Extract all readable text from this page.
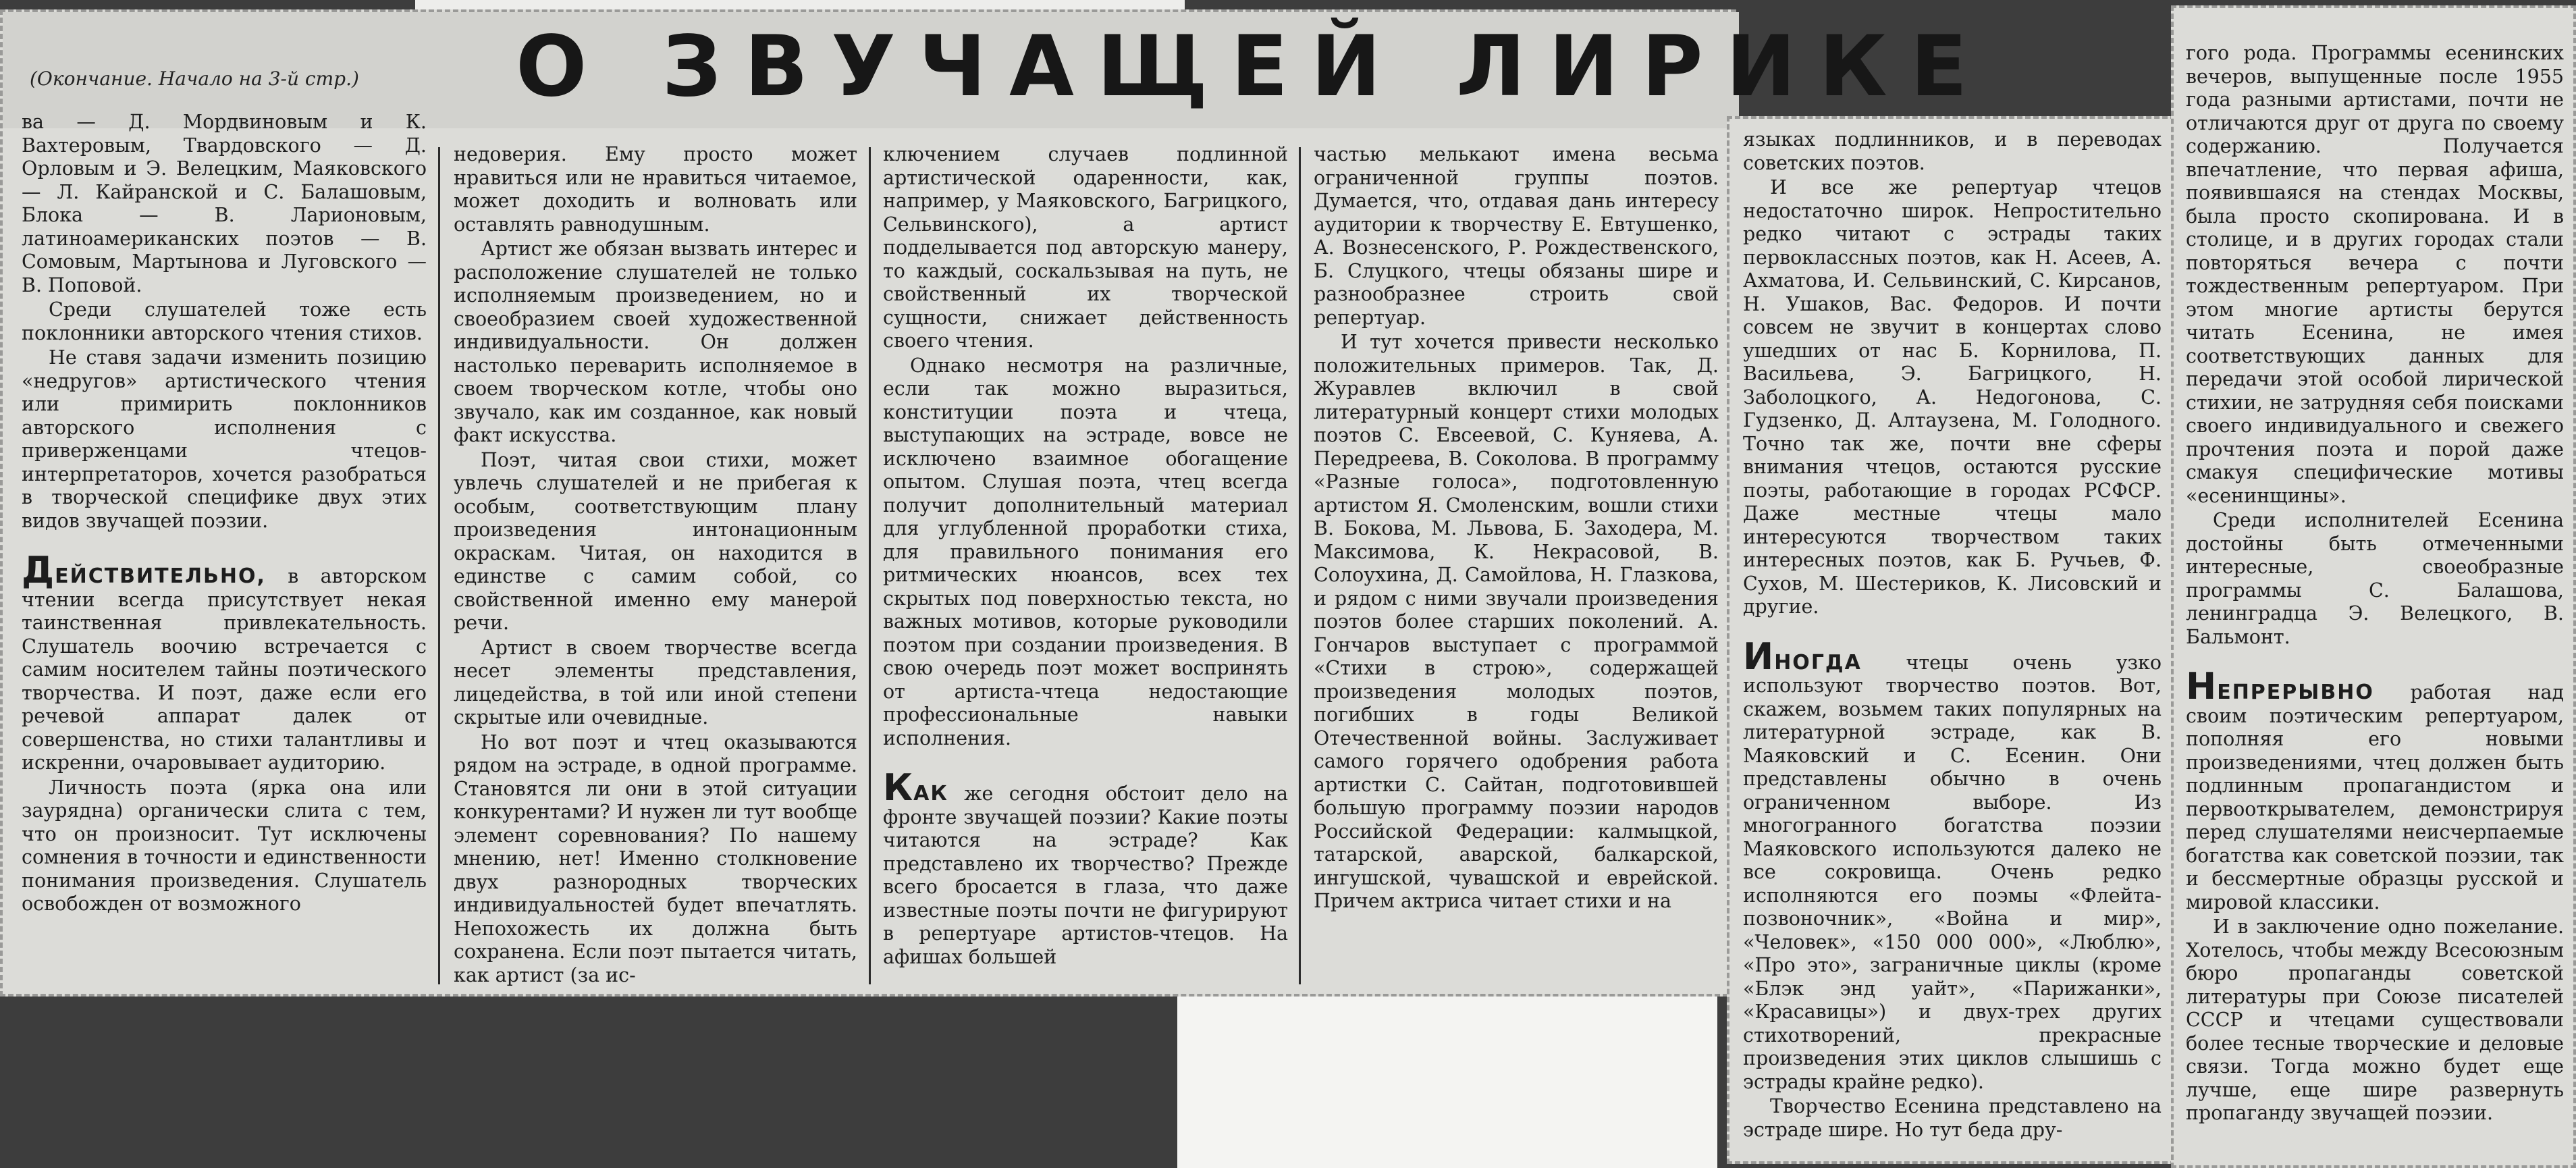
(Окончание. Начало на 3-й стр.) О ЗВУЧАЩЕЙ ЛИРИКЕ

ва — Д. Мордвиновым и К. Вахтеровым, Твардовского — Д. Орловым и Э. Велецким, Маяковского — Л. Кайранской и С. Балашовым, Блока — В. Ларионовым, латиноамериканских поэтов — В. Сомовым, Мартынова и Луговского — В. Поповой.

Среди слушателей тоже есть поклонники авторского чтения стихов.

Не ставя задачи изменить позицию «недругов» артистического чтения или примирить поклонников авторского исполнения с приверженцами чтецов-интерпретаторов, хочется разобраться в творческой специфике двух этих видов звучащей поэзии.

ДЕЙСТВИТЕЛЬНО, в авторском чтении всегда присутствует некая таинственная привлекательность. Слушатель воочию встречается с самим носителем тайны поэтического творчества. И поэт, даже если его речевой аппарат далек от совершенства, но стихи талантливы и искренни, очаровывает аудиторию.

Личность поэта (ярка она или заурядна) органически слита с тем, что он произносит. Тут исключены сомнения в точности и единственности понимания произведения. Слушатель освобожден от возможного

недоверия. Ему просто может нравиться или не нравиться читаемое, может доходить и волновать или оставлять равнодушным.

Артист же обязан вызвать интерес и расположение слушателей не только исполняемым произведением, но и своеобразием своей художественной индивидуальности. Он должен настолько переварить исполняемое в своем творческом котле, чтобы оно звучало, как им созданное, как новый факт искусства.

Поэт, читая свои стихи, может увлечь слушателей и не прибегая к особым, соответствующим плану произведения интонационным окраскам. Читая, он находится в единстве с самим собой, со свойственной именно ему манерой речи.

Артист в своем творчестве всегда несет элементы представления, лицедейства, в той или иной степени скрытые или очевидные.

Но вот поэт и чтец оказываются рядом на эстраде, в одной программе. Становятся ли они в этой ситуации конкурентами? И нужен ли тут вообще элемент соревнования? По нашему мнению, нет! Именно столкновение двух разнородных творческих индивидуальностей будет впечатлять. Непохожесть их должна быть сохранена. Если поэт пытается читать, как артист (за ис-

ключением случаев подлинной артистической одаренности, как, например, у Маяковского, Багрицкого, Сельвинского), а артист подделывается под авторскую манеру, то каждый, соскальзывая на путь, не свойственный их творческой сущности, снижает действенность своего чтения.

Однако несмотря на различные, если так можно выразиться, конституции поэта и чтеца, выступающих на эстраде, вовсе не исключено взаимное обогащение опытом. Слушая поэта, чтец всегда получит дополнительный материал для углубленной проработки стиха, для правильного понимания его ритмических нюансов, всех тех скрытых под поверхностью текста, но важных мотивов, которые руководили поэтом при создании произведения. В свою очередь поэт может воспринять от артиста-чтеца недостающие профессиональные навыки исполнения.

КАК же сегодня обстоит дело на фронте звучащей поэзии? Какие поэты читаются на эстраде? Как представлено их творчество? Прежде всего бросается в глаза, что даже известные поэты почти не фигурируют в репертуаре артистов-чтецов. На афишах большей

частью мелькают имена весьма ограниченной группы поэтов. Думается, что, отдавая дань интересу аудитории к творчеству Е. Евтушенко, А. Вознесенского, Р. Рождественского, Б. Слуцкого, чтецы обязаны шире и разнообразнее строить свой репертуар.

И тут хочется привести несколько положительных примеров. Так, Д. Журавлев включил в свой литературный концерт стихи молодых поэтов С. Евсеевой, С. Куняева, А. Передреева, В. Соколова. В программу «Разные голоса», подготовленную артистом Я. Смоленским, вошли стихи В. Бокова, М. Львова, Б. Заходера, М. Максимова, К. Некрасовой, В. Солоухина, Д. Самойлова, Н. Глазкова, и рядом с ними звучали произведения поэтов более старших поколений. А. Гончаров выступает с программой «Стихи в строю», содержащей произведения молодых поэтов, погибших в годы Великой Отечественной войны. Заслуживает самого горячего одобрения работа артистки С. Сайтан, подготовившей большую программу поэзии народов Российской Федерации: калмыцкой, татарской, аварской, балкарской, ингушской, чувашской и еврейской. Причем актриса читает стихи и на

языках подлинников, и в переводах советских поэтов.

И все же репертуар чтецов недостаточно широк. Непростительно редко читают с эстрады таких первоклассных поэтов, как Н. Асеев, А. Ахматова, И. Сельвинский, С. Кирсанов, Н. Ушаков, Вас. Федоров. И почти совсем не звучит в концертах слово ушедших от нас Б. Корнилова, П. Васильева, Э. Багрицкого, Н. Заболоцкого, А. Недогонова, С. Гудзенко, Д. Алтаузена, М. Голодного. Точно так же, почти вне сферы внимания чтецов, остаются русские поэты, работающие в городах РСФСР. Даже местные чтецы мало интересуются творчеством таких интересных поэтов, как Б. Ручьев, Ф. Сухов, М. Шестериков, К. Лисовский и другие.

ИНОГДА чтецы очень узко используют творчество поэтов. Вот, скажем, возьмем таких популярных на литературной эстраде, как В. Маяковский и С. Есенин. Они представлены обычно в очень ограниченном выборе. Из многогранного богатства поэзии Маяковского используются далеко не все сокровища. Очень редко исполняются его поэмы «Флейта-позвоночник», «Война и мир», «Человек», «150 000 000», «Люблю», «Про это», заграничные циклы (кроме «Блэк энд уайт», «Парижанки», «Красавицы») и двух-трех других стихотворений, прекрасные произведения этих циклов слышишь с эстрады крайне редко).

Творчество Есенина представлено на эстраде шире. Но тут беда дру-

гого рода. Программы есенинских вечеров, выпущенные после 1955 года разными артистами, почти не отличаются друг от друга по своему содержанию. Получается впечатление, что первая афиша, появившаяся на стендах Москвы, была просто скопирована. И в столице, и в других городах стали повторяться вечера с почти тождественным репертуаром. При этом многие артисты берутся читать Есенина, не имея соответствующих данных для передачи этой особой лирической стихии, не затрудняя себя поисками своего индивидуального и свежего прочтения поэта и порой даже смакуя специфические мотивы «есенинщины».

Среди исполнителей Есенина достойны быть отмеченными интересные, своеобразные программы С. Балашова, ленинградца Э. Велецкого, В. Бальмонт.

НЕПРЕРЫВНО работая над своим поэтическим репертуаром, пополняя его новыми произведениями, чтец должен быть подлинным пропагандистом и первооткрывателем, демонстрируя перед слушателями неисчерпаемые богатства как советской поэзии, так и бессмертные образцы русской и мировой классики.

И в заключение одно пожелание. Хотелось, чтобы между Всесоюзным бюро пропаганды советской литературы при Союзе писателей СССР и чтецами существовали более тесные творческие и деловые связи. Тогда можно будет еще лучше, еще шире развернуть пропаганду звучащей поэзии.
